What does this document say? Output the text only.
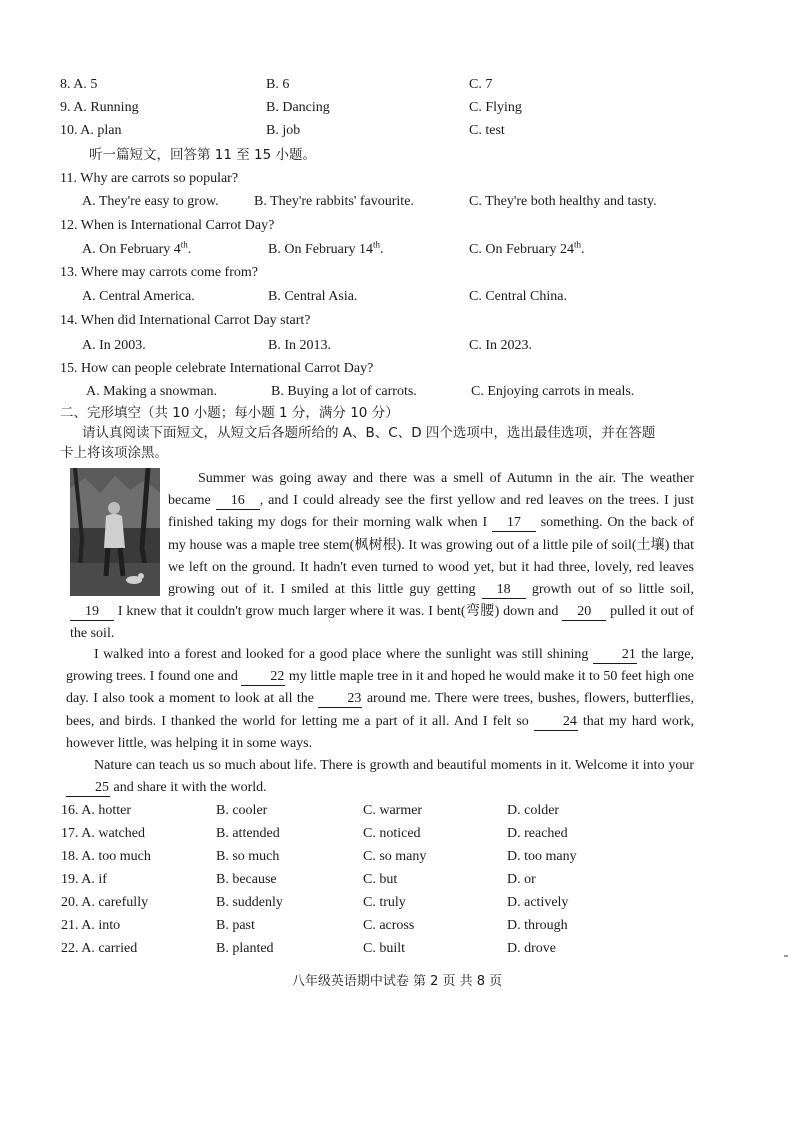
8. A. 5	B. 6	C. 7
9. A. Running	B. Dancing	C. Flying
10. A. plan	B. job	C. test
听一篇短文，回答第 11 至 15 小题。
11. Why are carrots so popular?
A. They're easy to grow.	B. They're rabbits' favourite.	C. They're both healthy and tasty.
12. When is International Carrot Day?
A. On February 4th.	B. On February 14th.	C. On February 24th.
13. Where may carrots come from?
A. Central America.	B. Central Asia.	C. Central China.
14. When did International Carrot Day start?
A. In 2003.	B. In 2013.	C. In 2023.
15. How can people celebrate International Carrot Day?
A. Making a snowman.	B. Buying a lot of carrots.	C. Enjoying carrots in meals.
二、完形填空（共 10 小题；每小题 1 分，满分 10 分）
请认真阅读下面短文，从短文后各题所给的 A、B、C、D 四个选项中，选出最佳选项，并在答题
卡上将该项涂黑。

Summer was going away and there was a smell of Autumn in the air. The weather became 16 , and I could already see the first yellow and red leaves on the trees. I just finished taking my dogs for their morning walk when I 17 something. On the back of my house was a maple tree stem(枫树根). It was growing out of a little pile of soil(土壤) that we left on the ground. It hadn't even turned to wood yet, but it had three, lovely, red leaves growing out of it. I smiled at this little guy getting 18 growth out of so little soil, 19 I knew that it couldn't grow much larger where it was. I bent(弯腰) down and 20 pulled it out of the soil.

I walked into a forest and looked for a good place where the sunlight was still shining 21 the large, growing trees. I found one and 22 my little maple tree in it and hoped he would make it to 50 feet high one day. I also took a moment to look at all the 23 around me. There were trees, bushes, flowers, butterflies, bees, and birds. I thanked the world for letting me a part of it all. And I felt so 24 that my hard work, however little, was helping it in some ways.

Nature can teach us so much about life. There is growth and beautiful moments in it. Welcome it into your 25 and share it with the world.

16. A. hotter	B. cooler	C. warmer	D. colder
17. A. watched	B. attended	C. noticed	D. reached
18. A. too much	B. so much	C. so many	D. too many
19. A. if	B. because	C. but	D. or
20. A. carefully	B. suddenly	C. truly	D. actively
21. A. into	B. past	C. across	D. through
22. A. carried	B. planted	C. built	D. drove
八年级英语期中试卷 第 2 页 共 8 页
